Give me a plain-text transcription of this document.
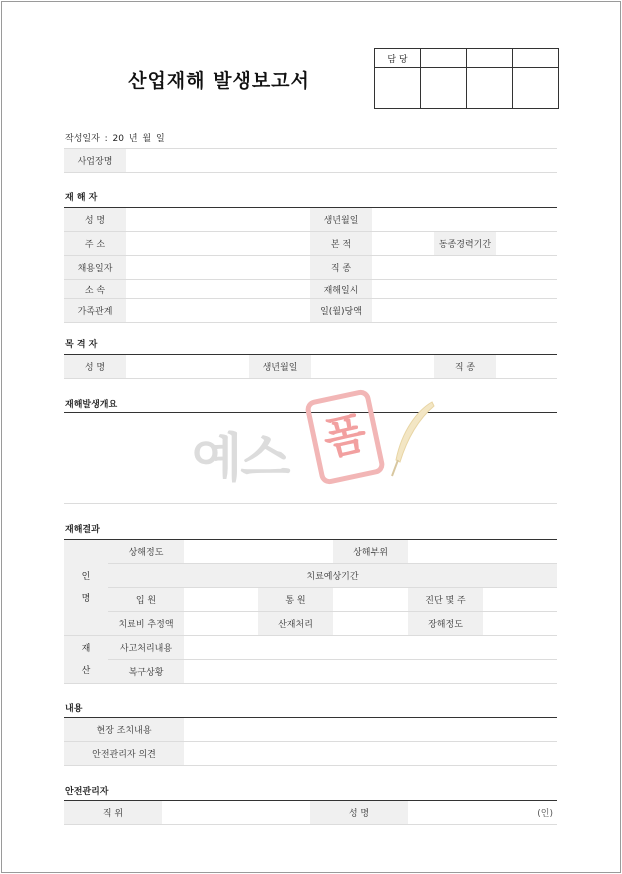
산업재해 발생보고서
담 당			

작성일자 : 20 년 월 일
사업장명	
재 해 자
성 명		생년월일			
주 소		본 적		동종경력기간	
채용일자		직 종			
소 속		재해일시			
가족관계		일(월)당액			
목 격 자
성 명		생년월일		직 종	
재해발생개요
예스 폼
재해결과
인 명	상해정도			상해부위		
	치료예상기간					
	입 원		통 원		진단 몇 주	
	치료비 추정액		산재처리		장해정도	
재 산	사고처리내용					
	복구상황					
내용
현장 조치내용	
안전관리자 의견	
안전관리자
직 위		성 명	(인)
